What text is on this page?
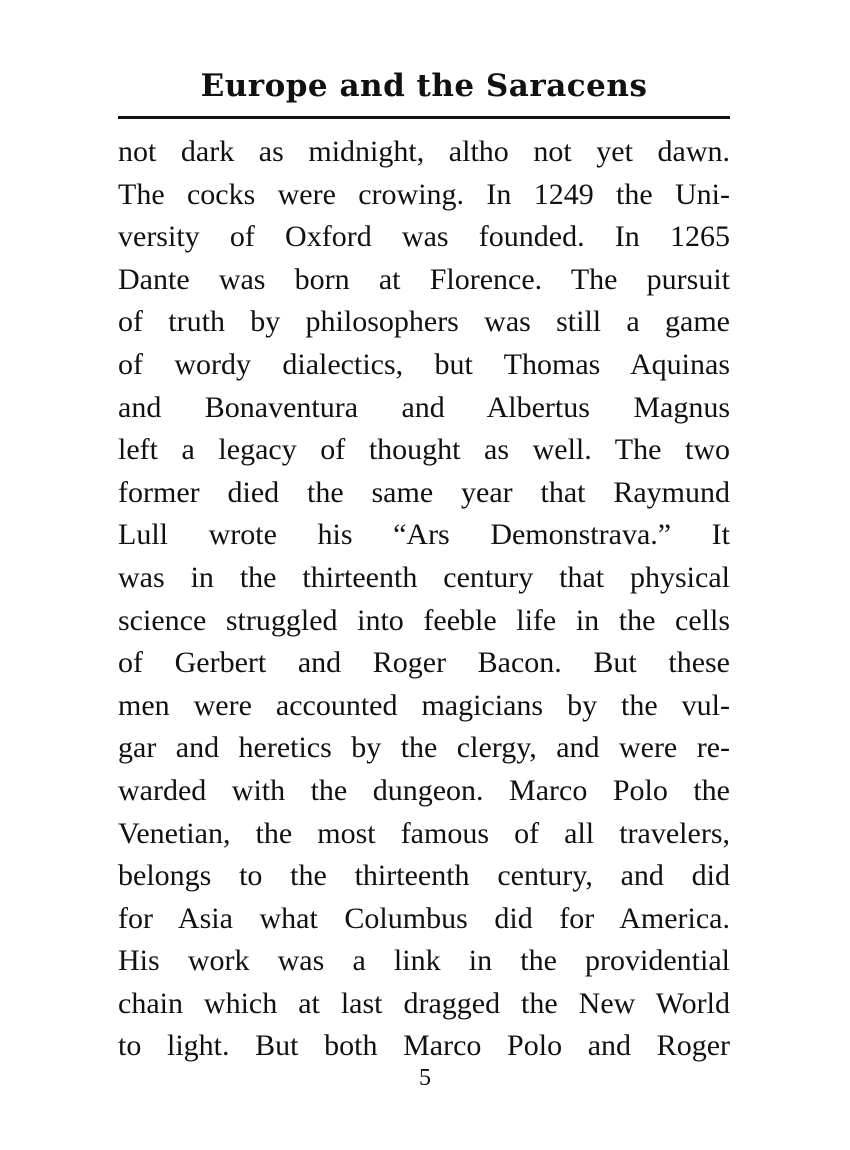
Europe and the Saracens
not dark as midnight, altho not yet dawn.
The cocks were crowing. In 1249 the Uni-
versity of Oxford was founded. In 1265
Dante was born at Florence. The pursuit
of truth by philosophers was still a game
of wordy dialectics, but Thomas Aquinas
and Bonaventura and Albertus Magnus
left a legacy of thought as well. The two
former died the same year that Raymund
Lull wrote his “Ars Demonstrava.” It
was in the thirteenth century that physical
science struggled into feeble life in the cells
of Gerbert and Roger Bacon. But these
men were accounted magicians by the vul-
gar and heretics by the clergy, and were re-
warded with the dungeon. Marco Polo the
Venetian, the most famous of all travelers,
belongs to the thirteenth century, and did
for Asia what Columbus did for America.
His work was a link in the providential
chain which at last dragged the New World
to light. But both Marco Polo and Roger
5
